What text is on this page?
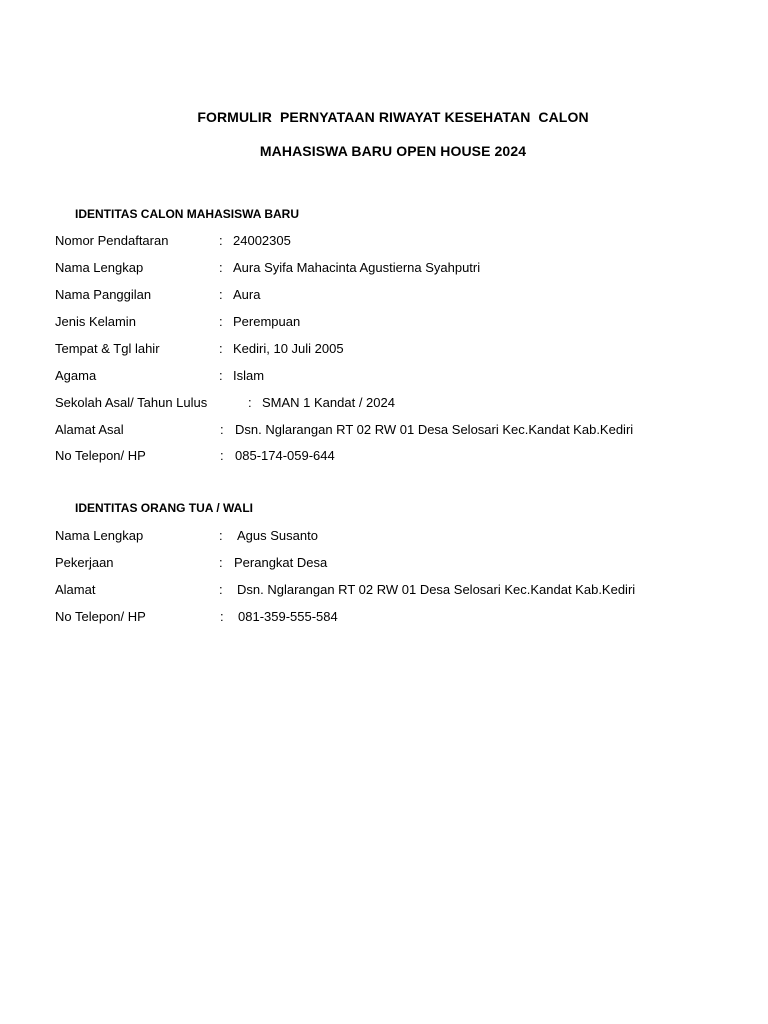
FORMULIR  PERNYATAAN RIWAYAT KESEHATAN  CALON
MAHASISWA BARU OPEN HOUSE 2024
IDENTITAS CALON MAHASISWA BARU
Nomor Pendaftaran	: 24002305
Nama Lengkap	: Aura Syifa Mahacinta Agustierna Syahputri
Nama Panggilan	: Aura
Jenis Kelamin	: Perempuan
Tempat & Tgl lahir	: Kediri, 10 Juli 2005
Agama	: Islam
Sekolah Asal/ Tahun Lulus	: SMAN 1 Kandat / 2024
Alamat Asal	: Dsn. Nglarangan RT 02 RW 01 Desa Selosari Kec.Kandat Kab.Kediri
No Telepon/ HP	: 085-174-059-644
IDENTITAS ORANG TUA / WALI
Nama Lengkap	: Agus Susanto
Pekerjaan	: Perangkat Desa
Alamat	: Dsn. Nglarangan RT 02 RW 01 Desa Selosari Kec.Kandat Kab.Kediri
No Telepon/ HP	: 081-359-555-584
